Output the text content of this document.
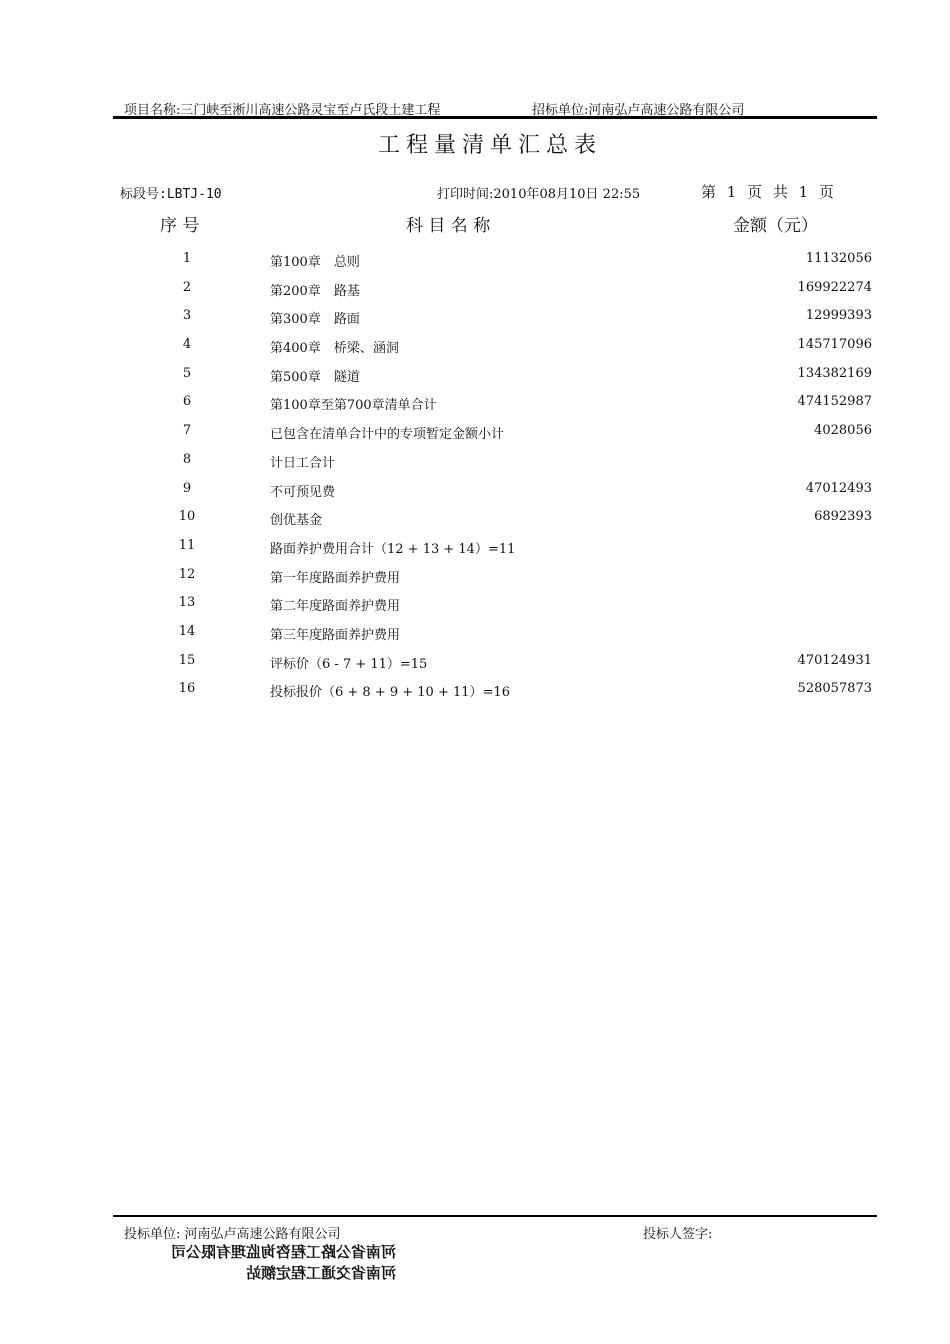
项目名称:三门峡至淅川高速公路灵宝至卢氏段土建工程	招标单位:河南弘卢高速公路有限公司
工程量清单汇总表
标段号:LBTJ-10	打印时间:2010年08月10日 22:55	第 1 页 共 1 页
序 号	科 目 名 称	金额（元）
1	第100章　总则	11132056
2	第200章　路基	169922274
3	第300章　路面	12999393
4	第400章　桥梁、涵洞	145717096
5	第500章　隧道	134382169
6	第100章至第700章清单合计	474152987
7	已包含在清单合计中的专项暂定金额小计	4028056
8	计日工合计
9	不可预见费	47012493
10	创优基金	6892393
11	路面养护费用合计（12 + 13 + 14）=11
12	第一年度路面养护费用
13	第二年度路面养护费用
14	第三年度路面养护费用
15	评标价（6 - 7 + 11）=15	470124931
16	投标报价（6 + 8 + 9 + 10 + 11）=16	528057873
投标单位: 河南弘卢高速公路有限公司	投标人签字:
河南省公路工程咨询监理有限公司
河南省交通工程定额站
